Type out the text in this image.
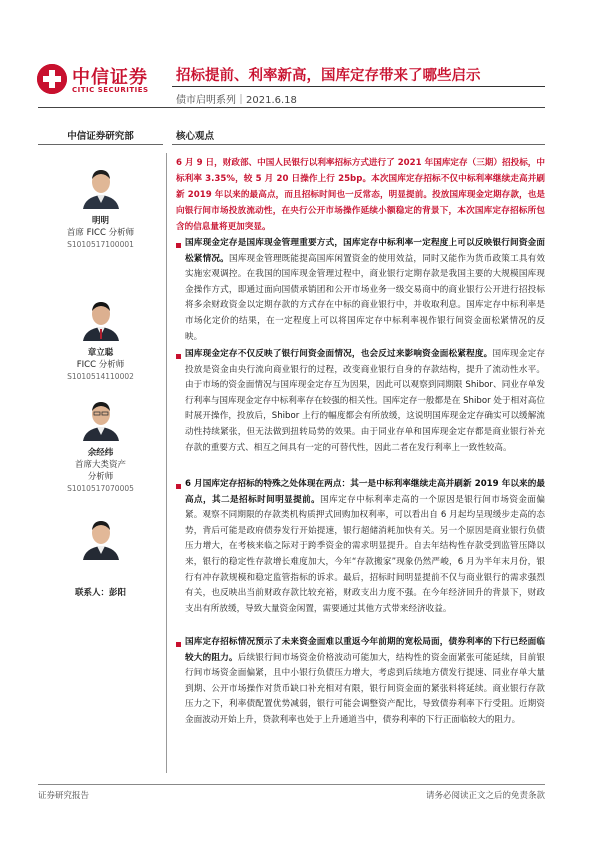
中信证券
CITIC SECURITIES
招标提前、利率新高，国库定存带来了哪些启示
债市启明系列｜2021.6.18
中信证券研究部
明明
首席 FICC 分析师
S1010517100001
章立聪
FICC 分析师
S1010514110002
余经纬
首席大类资产
分析师
S1010517070005
联系人：彭阳
核心观点
6 月 9 日，财政部、中国人民银行以利率招标方式进行了 2021 年国库定存（三期）招投标，中标利率 3.35%，较 5 月 20 日操作上行 25bp。本次国库定存招标不仅中标利率继续走高并刷新 2019 年以来的最高点，而且招标时间也一反常态，明显提前。投放国库现金定期存款，也是向银行间市场投放流动性，在央行公开市场操作延续小额稳定的背景下，本次国库定存招标所包含的信息量将更加突显。
国库现金定存是国库现金管理重要方式，国库定存中标利率一定程度上可以反映银行间资金面松紧情况。国库现金管理既能提高国库闲置资金的使用效益，同时又能作为货币政策工具有效实施宏观调控。在我国的国库现金管理过程中，商业银行定期存款是我国主要的大规模国库现金操作方式，即通过面向国债承销团和公开市场业务一级交易商中的商业银行公开进行招投标将多余财政资金以定期存款的方式存在中标的商业银行中，并收取利息。国库定存中标利率是市场化定价的结果，在一定程度上可以将国库定存中标利率视作银行间资金面松紧情况的反映。
国库现金定存不仅反映了银行间资金面情况，也会反过来影响资金面松紧程度。国库现金定存投放是资金由央行流向商业银行的过程，改变商业银行自身的存款结构，提升了流动性水平。由于市场的资金面情况与国库现金定存互为因果，因此可以观察到同期限 Shibor、同业存单发行利率与国库现金定存中标利率存在较强的相关性。国库定存一般都是在 Shibor 处于相对高位时展开操作，投放后，Shibor 上行的幅度都会有所放缓，这说明国库现金定存确实可以缓解流动性持续紧张，但无法做到扭转局势的效果。由于同业存单和国库现金定存都是商业银行补充存款的重要方式、相互之间具有一定的可替代性，因此二者在发行利率上一致性较高。
6 月国库定存招标的特殊之处体现在两点：其一是中标利率继续走高并刷新 2019 年以来的最高点，其二是招标时间明显提前。国库定存中标利率走高的一个原因是银行间市场资金面偏紧。观察不同期限的存款类机构质押式回购加权利率，可以看出自 6 月起均呈现缓步走高的态势，背后可能是政府债券发行开始提速，银行超储消耗加快有关。另一个原因是商业银行负债压力增大，在考核来临之际对于跨季资金的需求明显提升。自去年结构性存款受到监管压降以来，银行的稳定性存款增长难度加大，今年“存款搬家”现象仍然严峻，6 月为半年末月份，银行有冲存款规模和稳定监管指标的诉求。最后，招标时间明显提前不仅与商业银行的需求强烈有关，也反映出当前财政存款比较充裕，财政支出力度不强。在今年经济回升的背景下，财政支出有所放缓，导致大量资金闲置，需要通过其他方式带来经济收益。
国库定存招标情况预示了未来资金面难以重返今年前期的宽松局面，债券利率的下行已经面临较大的阻力。后续银行间市场资金价格波动可能加大，结构性的资金面紧张可能延续，目前银行间市场资金面偏紧，且中小银行负债压力增大，考虑到后续地方债发行提速、同业存单大量到期、公开市场操作对货币缺口补充相对有限，银行间资金面的紧张料将延续。商业银行存款压力之下，利率债配置优势减弱，银行可能会调整资产配比，导致债券利率下行受阻。近期资金面波动开始上升，贷款利率也处于上升通道当中，债券利率的下行正面临较大的阻力。
证券研究报告	请务必阅读正文之后的免责条款
